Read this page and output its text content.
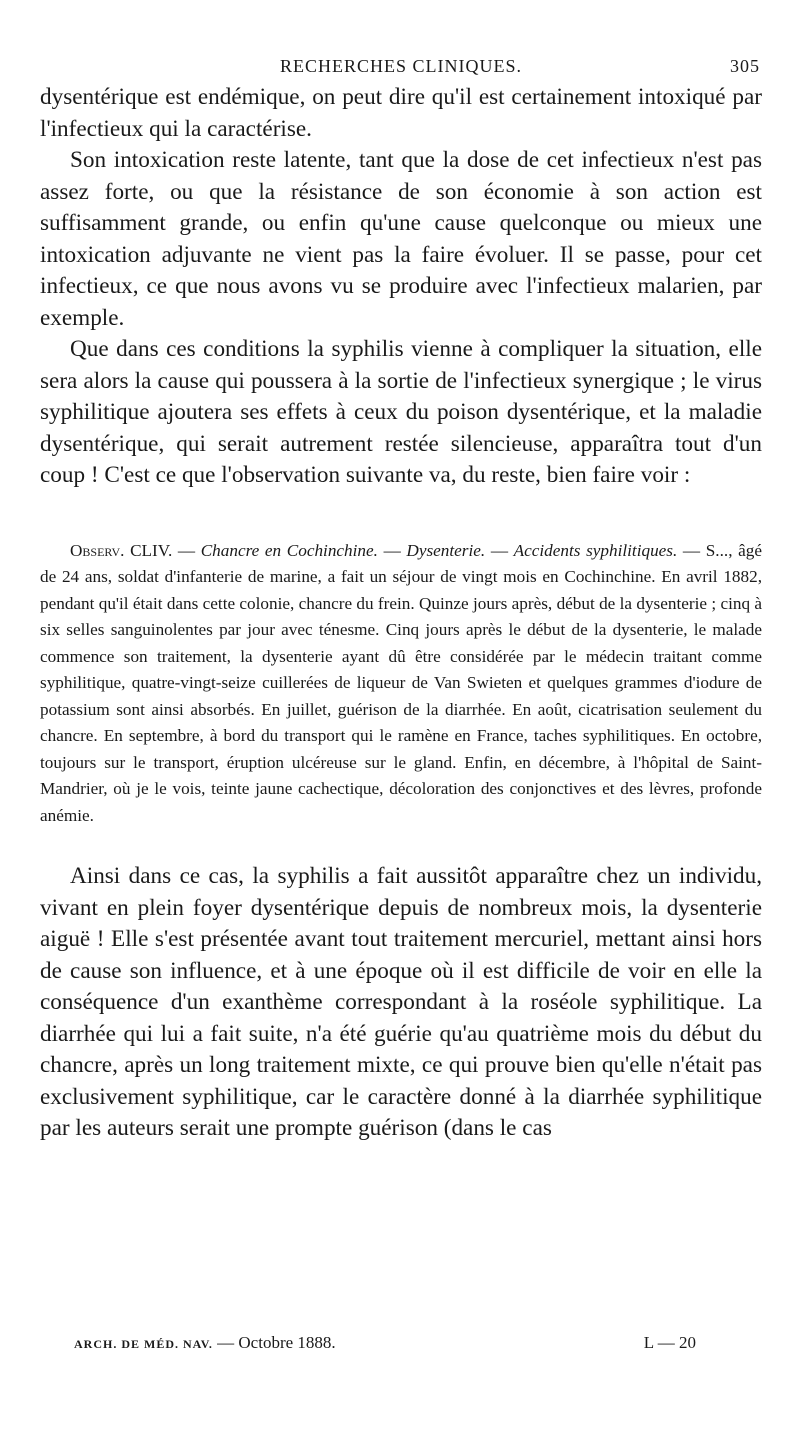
RECHERCHES CLINIQUES.	305

dysentérique est endémique, on peut dire qu'il est certainement intoxiqué par l'infectieux qui la caractérise.

Son intoxication reste latente, tant que la dose de cet infectieux n'est pas assez forte, ou que la résistance de son économie à son action est suffisamment grande, ou enfin qu'une cause quelconque ou mieux une intoxication adjuvante ne vient pas la faire évoluer. Il se passe, pour cet infectieux, ce que nous avons vu se produire avec l'infectieux malarien, par exemple.

Que dans ces conditions la syphilis vienne à compliquer la situation, elle sera alors la cause qui poussera à la sortie de l'infectieux synergique ; le virus syphilitique ajoutera ses effets à ceux du poison dysentérique, et la maladie dysentérique, qui serait autrement restée silencieuse, apparaîtra tout d'un coup ! C'est ce que l'observation suivante va, du reste, bien faire voir :

Observ. CLIV. — Chancre en Cochinchine. — Dysenterie. — Accidents syphilitiques. — S..., âgé de 24 ans, soldat d'infanterie de marine, a fait un séjour de vingt mois en Cochinchine. En avril 1882, pendant qu'il était dans cette colonie, chancre du frein. Quinze jours après, début de la dysenterie ; cinq à six selles sanguinolentes par jour avec ténesme. Cinq jours après le début de la dysenterie, le malade commence son traitement, la dysenterie ayant dû être considérée par le médecin traitant comme syphilitique, quatre-vingt-seize cuillerées de liqueur de Van Swieten et quelques grammes d'iodure de potassium sont ainsi absorbés. En juillet, guérison de la diarrhée. En août, cicatrisation seulement du chancre. En septembre, à bord du transport qui le ramène en France, taches syphilitiques. En octobre, toujours sur le transport, éruption ulcéreuse sur le gland. Enfin, en décembre, à l'hôpital de Saint-Mandrier, où je le vois, teinte jaune cachectique, décoloration des conjonctives et des lèvres, profonde anémie.

Ainsi dans ce cas, la syphilis a fait aussitôt apparaître chez un individu, vivant en plein foyer dysentérique depuis de nombreux mois, la dysenterie aiguë ! Elle s'est présentée avant tout traitement mercuriel, mettant ainsi hors de cause son influence, et à une époque où il est difficile de voir en elle la conséquence d'un exanthème correspondant à la roséole syphilitique. La diarrhée qui lui a fait suite, n'a été guérie qu'au quatrième mois du début du chancre, après un long traitement mixte, ce qui prouve bien qu'elle n'était pas exclusivement syphilitique, car le caractère donné à la diarrhée syphilitique par les auteurs serait une prompte guérison (dans le cas

ARCH. DE MÉD. NAV. — Octobre 1888.	L — 20
